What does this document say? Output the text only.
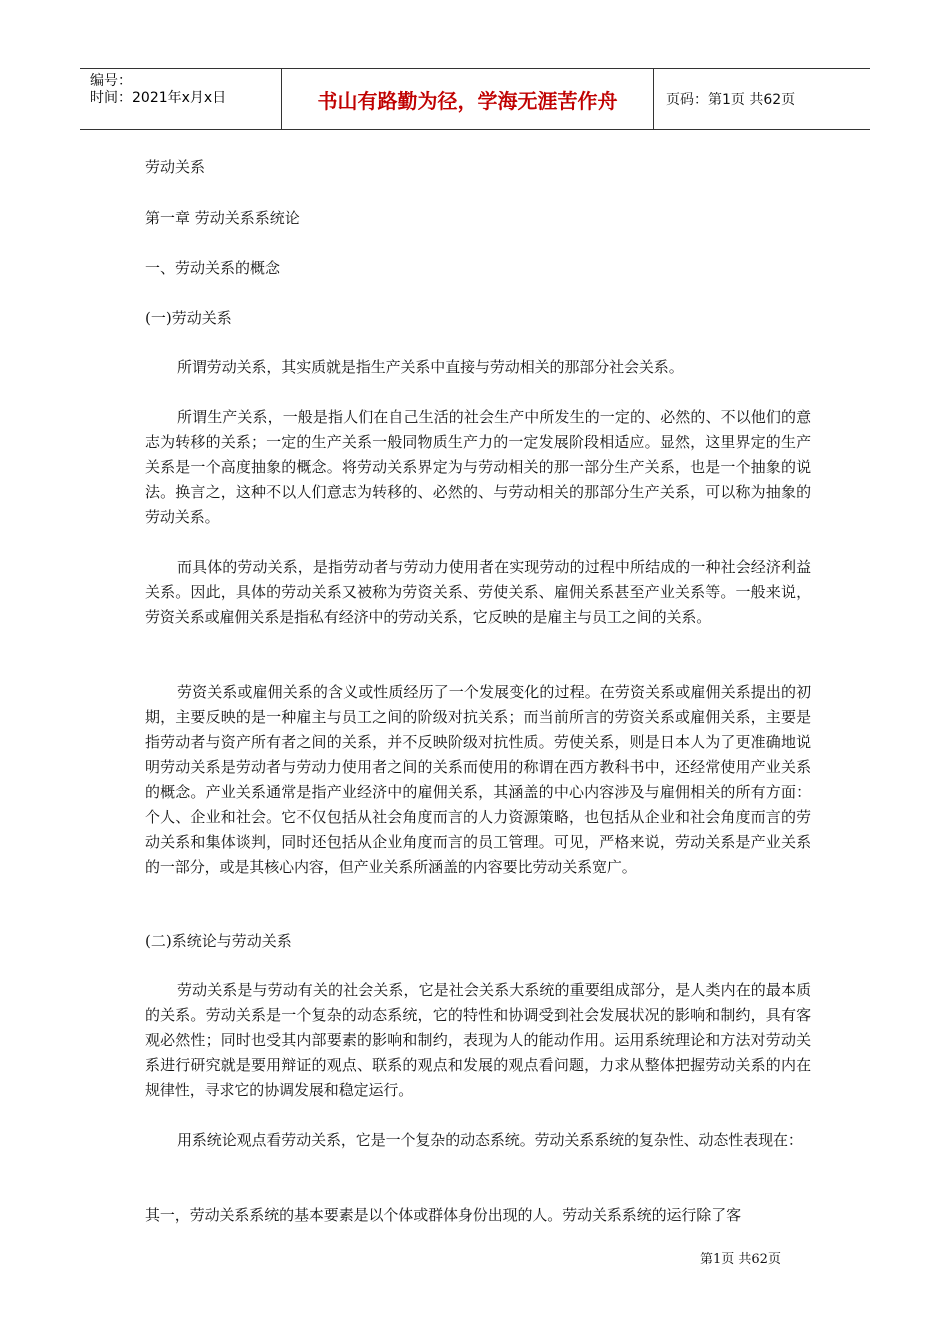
编号：
时间：2021年x月x日	书山有路勤为径，学海无涯苦作舟	页码：第1页 共62页
劳动关系
第一章 劳动关系系统论
一、劳动关系的概念
(一)劳动关系

所谓劳动关系，其实质就是指生产关系中直接与劳动相关的那部分社会关系。

所谓生产关系，一般是指人们在自己生活的社会生产中所发生的一定的、必然的、不以他们的意志为转移的关系；一定的生产关系一般同物质生产力的一定发展阶段相适应。显然，这里界定的生产关系是一个高度抽象的概念。将劳动关系界定为与劳动相关的那一部分生产关系，也是一个抽象的说法。换言之，这种不以人们意志为转移的、必然的、与劳动相关的那部分生产关系，可以称为抽象的劳动关系。

而具体的劳动关系，是指劳动者与劳动力使用者在实现劳动的过程中所结成的一种社会经济利益关系。因此，具体的劳动关系又被称为劳资关系、劳使关系、雇佣关系甚至产业关系等。一般来说，劳资关系或雇佣关系是指私有经济中的劳动关系，它反映的是雇主与员工之间的关系。

劳资关系或雇佣关系的含义或性质经历了一个发展变化的过程。在劳资关系或雇佣关系提出的初期，主要反映的是一种雇主与员工之间的阶级对抗关系；而当前所言的劳资关系或雇佣关系，主要是指劳动者与资产所有者之间的关系，并不反映阶级对抗性质。劳使关系，则是日本人为了更准确地说明劳动关系是劳动者与劳动力使用者之间的关系而使用的称谓在西方教科书中，还经常使用产业关系的概念。产业关系通常是指产业经济中的雇佣关系，其涵盖的中心内容涉及与雇佣相关的所有方面：个人、企业和社会。它不仅包括从社会角度而言的人力资源策略，也包括从企业和社会角度而言的劳动关系和集体谈判，同时还包括从企业角度而言的员工管理。可见，严格来说，劳动关系是产业关系的一部分，或是其核心内容，但产业关系所涵盖的内容要比劳动关系宽广。

(二)系统论与劳动关系

劳动关系是与劳动有关的社会关系，它是社会关系大系统的重要组成部分，是人类内在的最本质的关系。劳动关系是一个复杂的动态系统，它的特性和协调受到社会发展状况的影响和制约，具有客观必然性；同时也受其内部要素的影响和制约，表现为人的能动作用。运用系统理论和方法对劳动关系进行研究就是要用辩证的观点、联系的观点和发展的观点看问题，力求从整体把握劳动关系的内在规律性，寻求它的协调发展和稳定运行。

用系统论观点看劳动关系，它是一个复杂的动态系统。劳动关系系统的复杂性、动态性表现在：

其一，劳动关系系统的基本要素是以个体或群体身份出现的人。劳动关系系统的运行除了客

第1页 共62页
